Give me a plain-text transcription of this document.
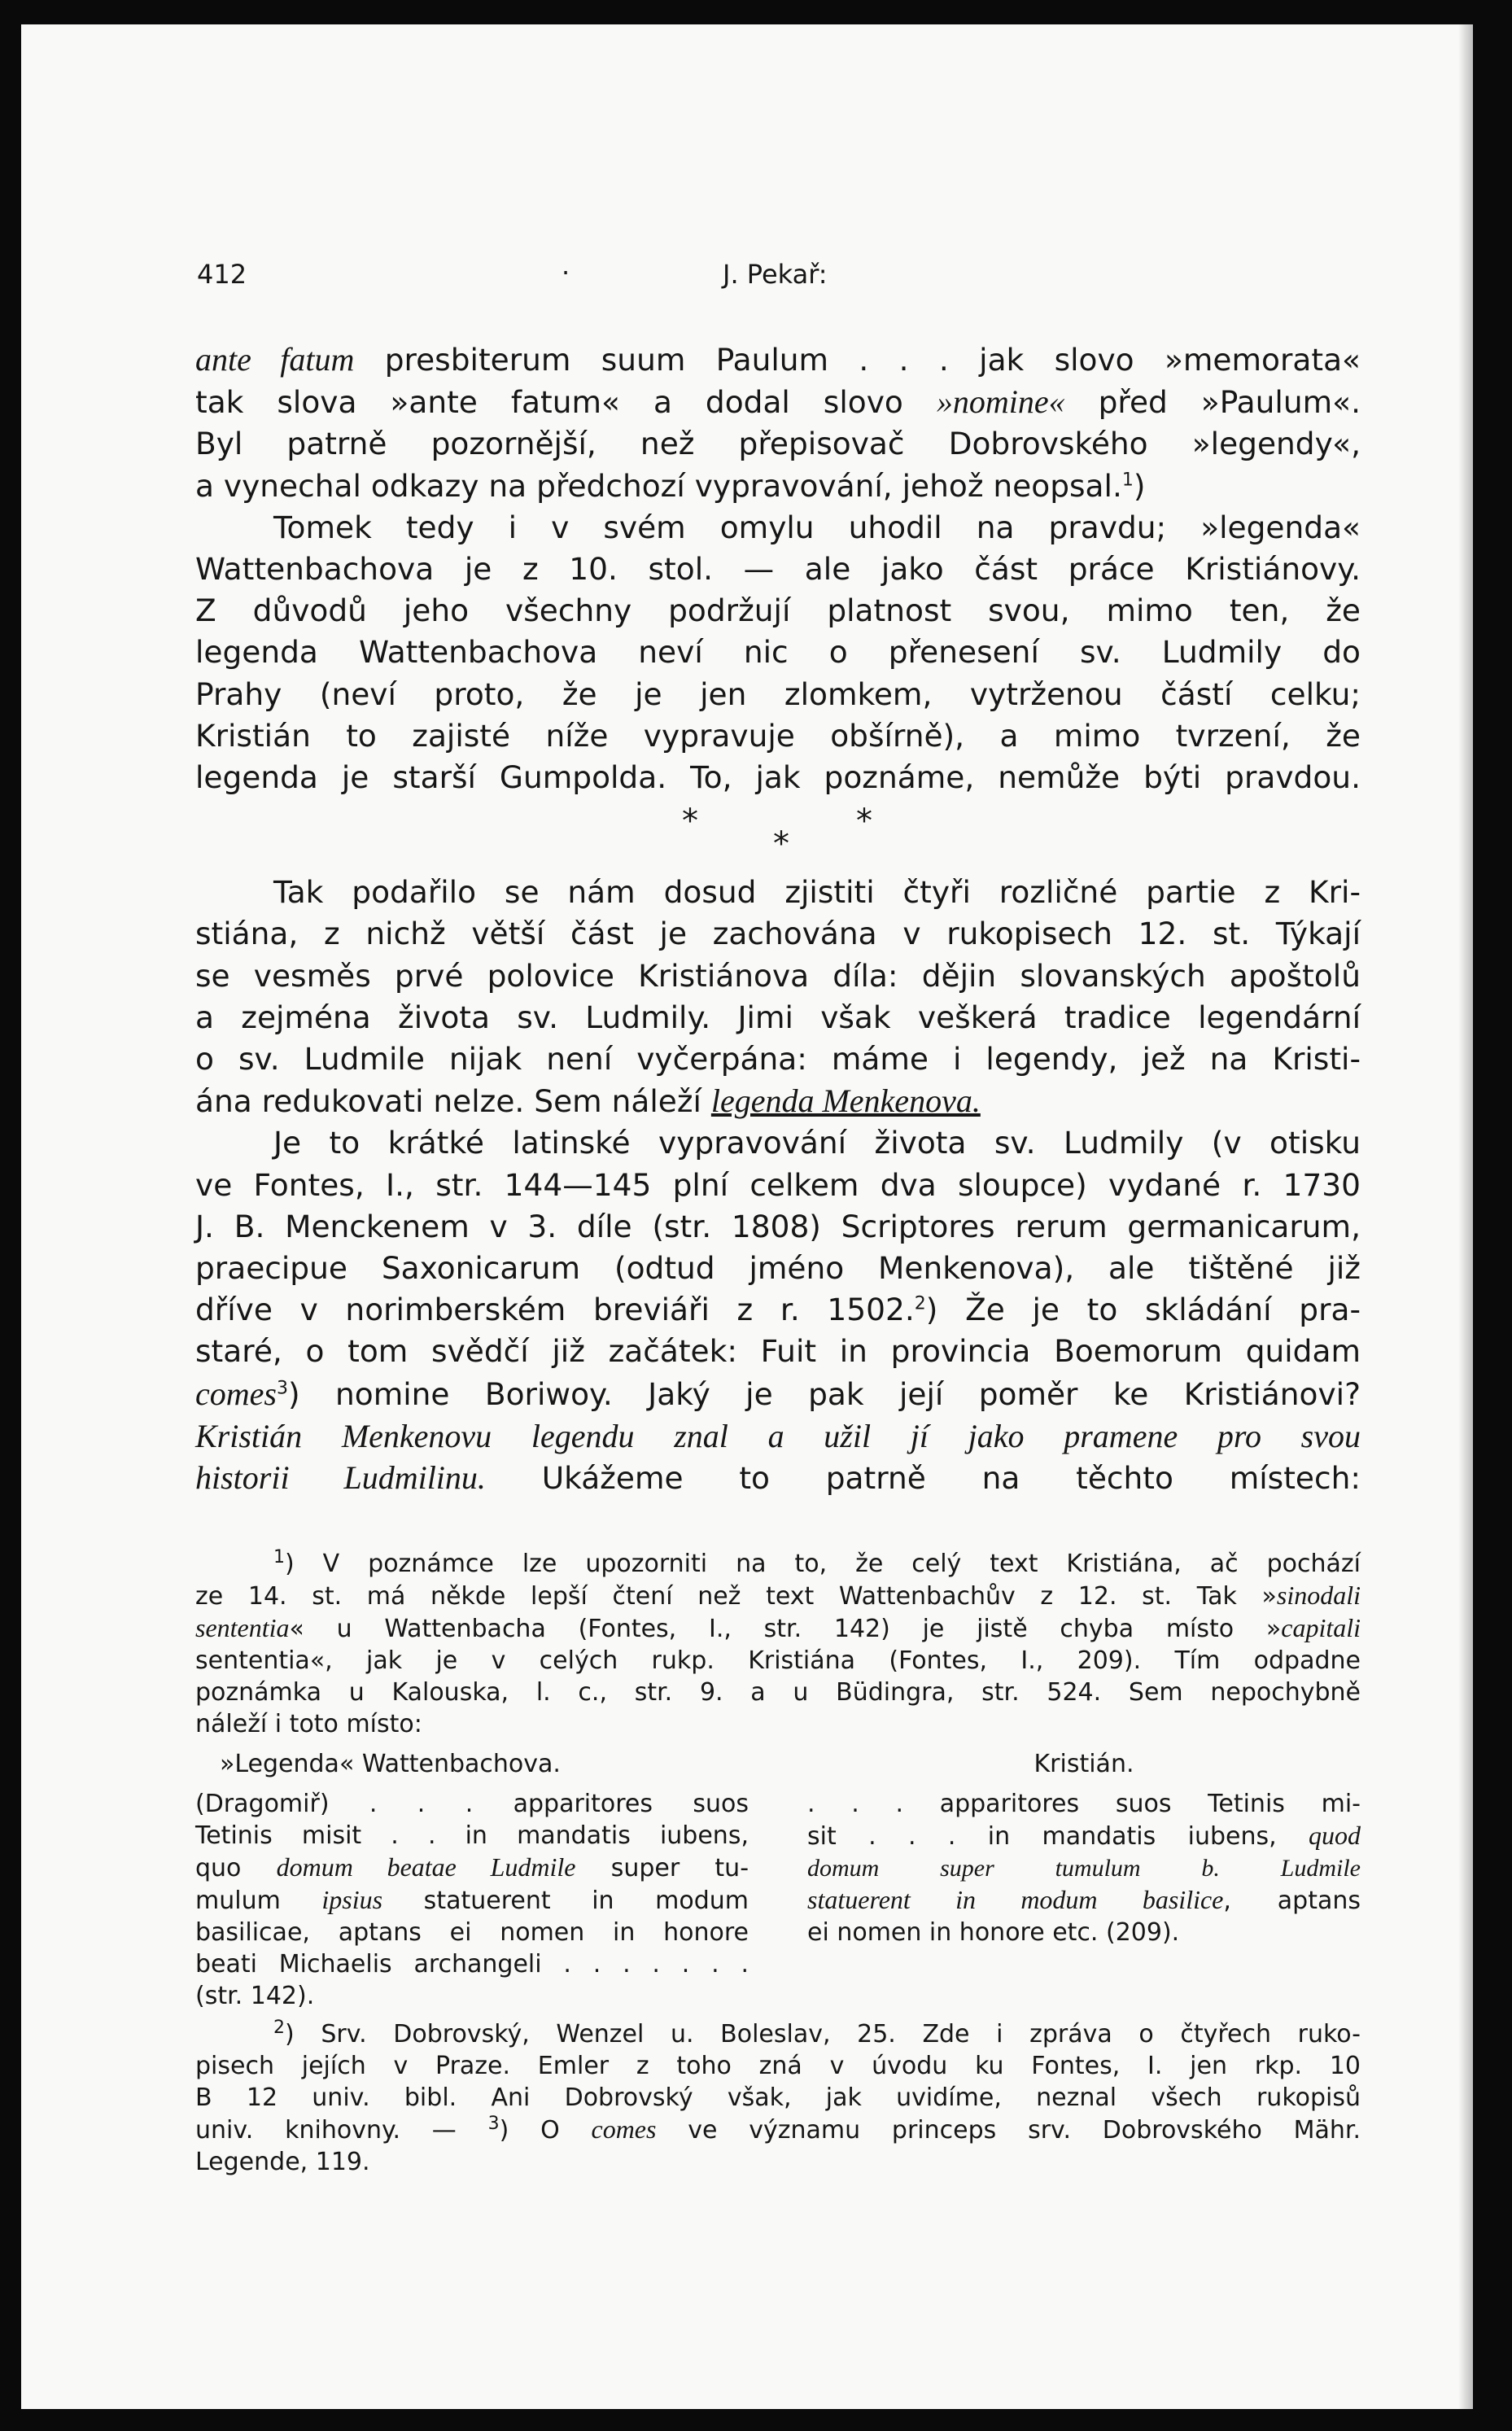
412	·	J. Pekař:
ante fatum presbiterum suum Paulum . . . jak slovo »memorata«
tak slova »ante fatum« a dodal slovo »nomine« před »Paulum«.
Byl patrně pozornější, než přepisovač Dobrovského »legendy«,
a vynechal odkazy na předchozí vypravování, jehož neopsal.$^1$)
Tomek tedy i v svém omylu uhodil na pravdu; »legenda«
Wattenbachova je z 10. stol. — ale jako část práce Kristiánovy.
Z důvodů jeho všechny podržují platnost svou, mimo ten, že
legenda Wattenbachova neví nic o přenesení sv. Ludmily do
Prahy (neví proto, že je jen zlomkem, vytrženou částí celku;
Kristián to zajisté níže vypravuje obšírně), a mimo tvrzení, že
legenda je starší Gumpolda. To, jak poznáme, nemůže býti pravdou.
*	*
*
Tak podařilo se nám dosud zjistiti čtyři rozličné partie z Kri-
stiána, z nichž větší část je zachována v rukopisech 12. st. Týkají
se vesměs prvé polovice Kristiánova díla: dějin slovanských apoštolů
a zejména života sv. Ludmily. Jimi však veškerá tradice legendární
o sv. Ludmile nijak není vyčerpána: máme i legendy, jež na Kristi-
ána redukovati nelze. Sem náleží legenda Menkenova.
Je to krátké latinské vypravování života sv. Ludmily (v otisku
ve Fontes, I., str. 144—145 plní celkem dva sloupce) vydané r. 1730
J. B. Menckenem v 3. díle (str. 1808) Scriptores rerum germanicarum,
praecipue Saxonicarum (odtud jméno Menkenova), ale tištěné již
dříve v norimberském breviáři z r. 1502.$^2$) Že je to skládání pra-
staré, o tom svědčí již začátek: Fuit in provincia Boemorum quidam
comes$^3$) nomine Boriwoy. Jaký je pak její poměr ke Kristiánovi?
Kristián Menkenovu legendu znal a užil jí jako pramene pro svou
historii Ludmilinu. Ukážeme to patrně na těchto místech:
$^1$) V poznámce lze upozorniti na to, že celý text Kristiána, ač pochází
ze 14. st. má někde lepší čtení než text Wattenbachův z 12. st. Tak »sinodali
sententia« u Wattenbacha (Fontes, I., str. 142) je jistě chyba místo »capitali
sententia«, jak je v celých rukp. Kristiána (Fontes, I., 209). Tím odpadne
poznámka u Kalouska, l. c., str. 9. a u Büdingra, str. 524. Sem nepochybně
náleží i toto místo:
»Legenda« Wattenbachova.
(Dragomiř) . . . apparitores suos
Tetinis misit . . in mandatis iubens,
quo domum beatae Ludmile super tu-
mulum ipsius statuerent in modum
basilicae, aptans ei nomen in honore
beati Michaelis archangeli . . . . . . .
(str. 142).
Kristián.
. . . apparitores suos Tetinis mi-
sit . . . in mandatis iubens, quod
domum super tumulum b. Ludmile
statuerent in modum basilice, aptans
ei nomen in honore etc. (209).
$^2$) Srv. Dobrovský, Wenzel u. Boleslav, 25. Zde i zpráva o čtyřech ruko-
pisech jejích v Praze. Emler z toho zná v úvodu ku Fontes, I. jen rkp. 10
B 12 univ. bibl. Ani Dobrovský však, jak uvidíme, neznal všech rukopisů
univ. knihovny. — $^3$) O comes ve významu princeps srv. Dobrovského Mähr.
Legende, 119.
